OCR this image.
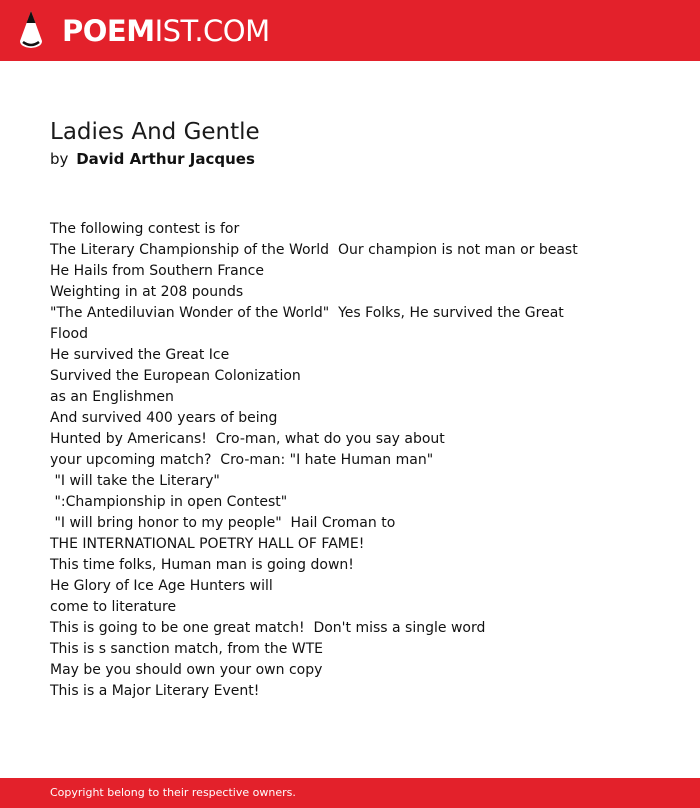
POEMIST.COM
Ladies And Gentle
by David Arthur Jacques
The following contest is for
The Literary Championship of the World  Our champion is not man or beast
He Hails from Southern France
Weighting in at 208 pounds
"The Antediluvian Wonder of the World"  Yes Folks, He survived the Great
Flood
He survived the Great Ice
Survived the European Colonization
as an Englishmen
And survived 400 years of being
Hunted by Americans!  Cro-man, what do you say about
your upcoming match?  Cro-man: "I hate Human man"
"I will take the Literary"
":Championship in open Contest"
"I will bring honor to my people"  Hail Croman to
THE INTERNATIONAL POETRY HALL OF FAME!
This time folks, Human man is going down!
He Glory of Ice Age Hunters will
come to literature
This is going to be one great match!  Don't miss a single word
This is s sanction match, from the WTE
May be you should own your own copy
This is a Major Literary Event!
Copyright belong to their respective owners.
